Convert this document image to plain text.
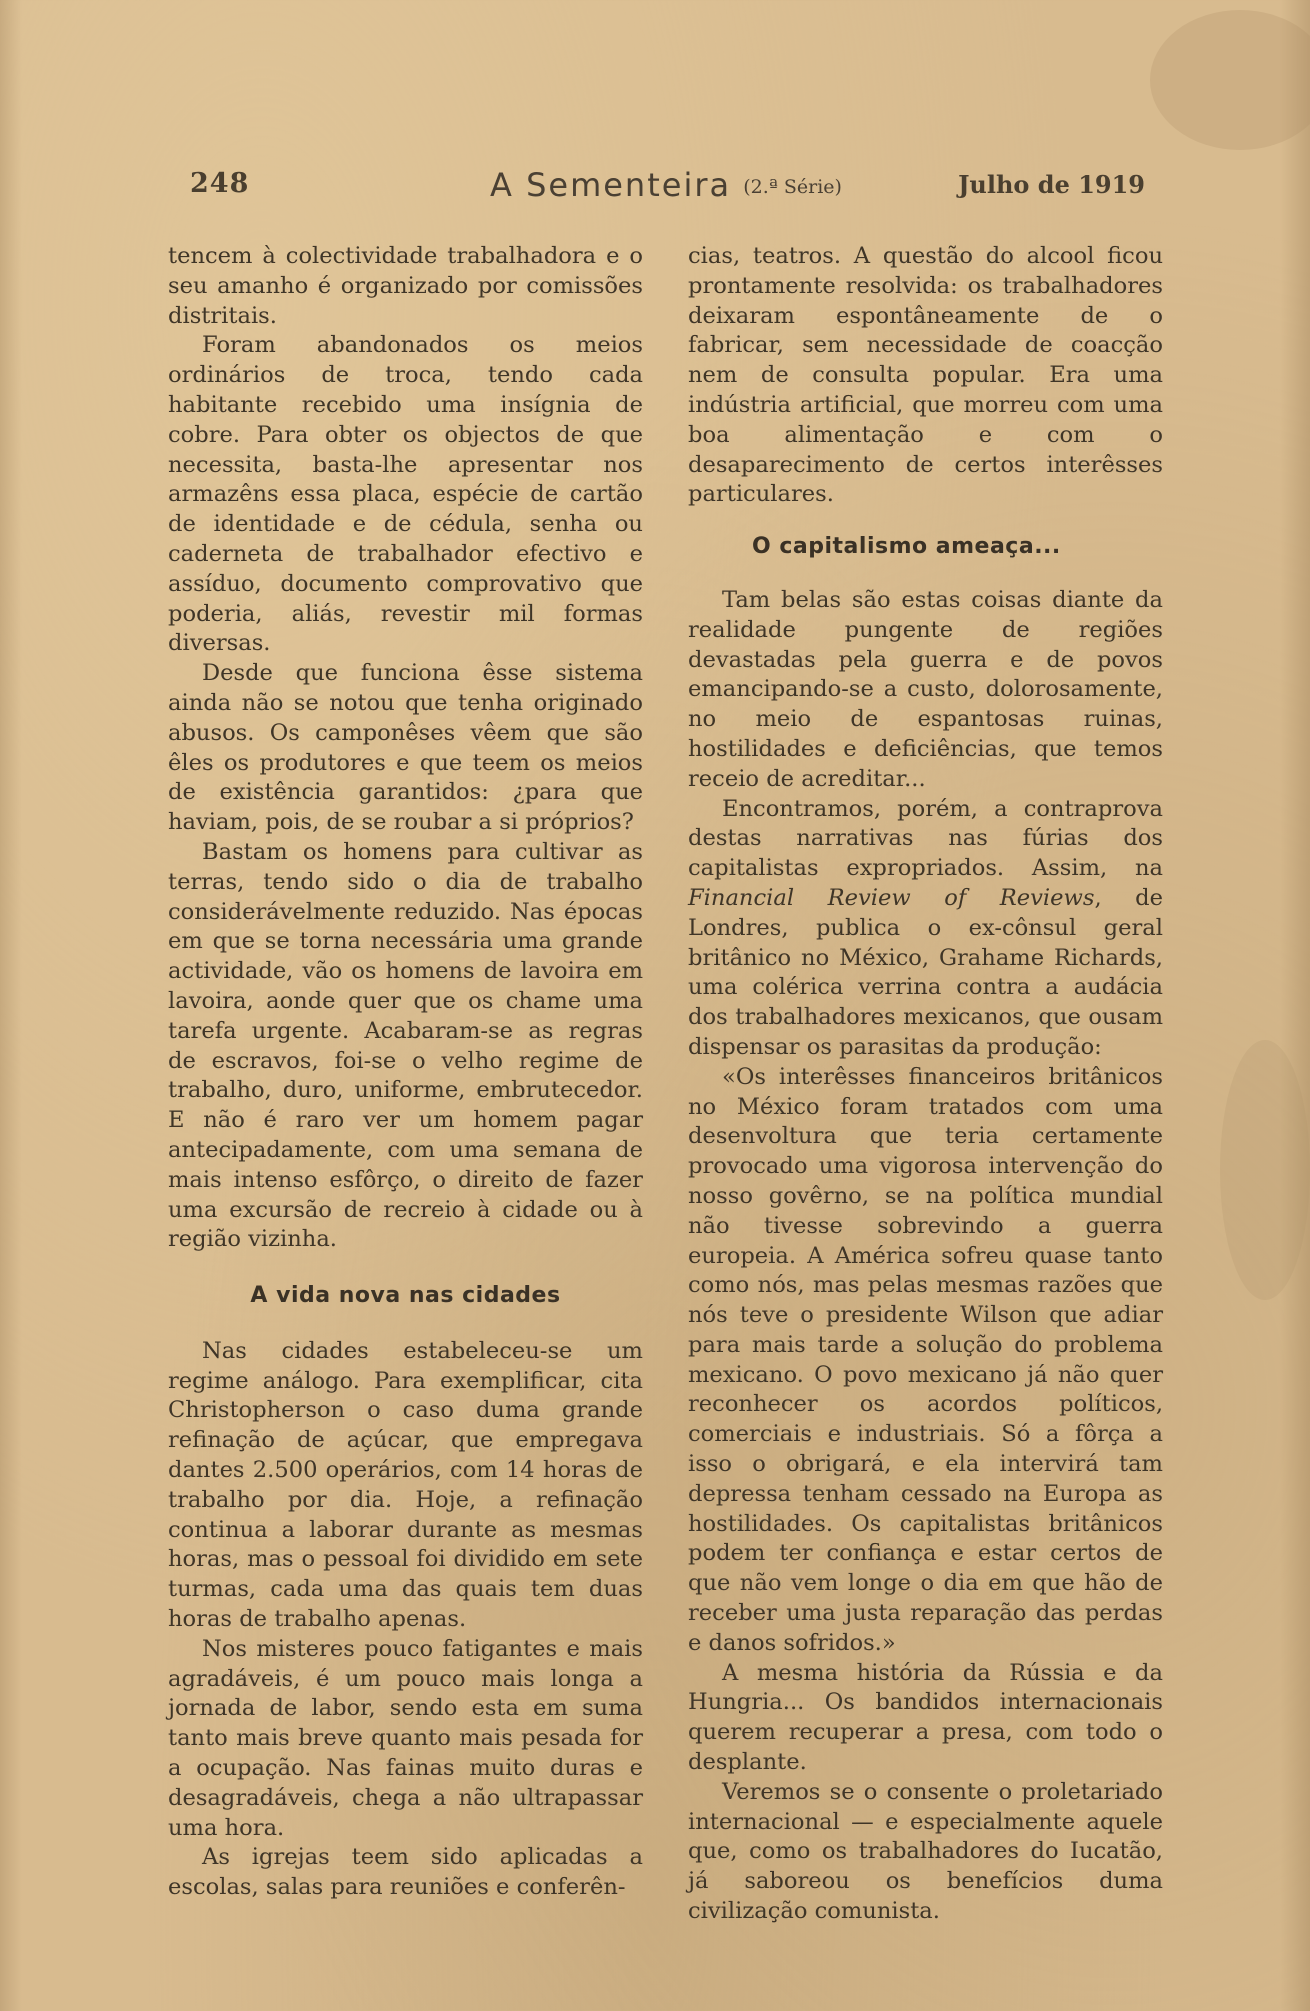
248	A Sementeira (2.ª Série)	Julho de 1919

tencem à colectividade trabalhadora e o seu amanho é organizado por comissões distritais.

Foram abandonados os meios ordinários de troca, tendo cada habitante recebido uma insígnia de cobre. Para obter os objectos de que necessita, basta-lhe apresentar nos armazêns essa placa, espécie de cartão de identidade e de cédula, senha ou caderneta de trabalhador efectivo e assíduo, documento comprovativo que poderia, aliás, revestir mil formas diversas.

Desde que funciona êsse sistema ainda não se notou que tenha originado abusos. Os camponêses vêem que são êles os produtores e que teem os meios de existência garantidos: ¿para que haviam, pois, de se roubar a si próprios?

Bastam os homens para cultivar as terras, tendo sido o dia de trabalho considerávelmente reduzido. Nas épocas em que se torna necessária uma grande actividade, vão os homens de lavoira em lavoira, aonde quer que os chame uma tarefa urgente. Acabaram-se as regras de escravos, foi-se o velho regime de trabalho, duro, uniforme, embrutecedor. E não é raro ver um homem pagar antecipadamente, com uma semana de mais intenso esfôrço, o direito de fazer uma excursão de recreio à cidade ou à região vizinha.

A vida nova nas cidades

Nas cidades estabeleceu-se um regime análogo. Para exemplificar, cita Christopherson o caso duma grande refinação de açúcar, que empregava dantes 2.500 operários, com 14 horas de trabalho por dia. Hoje, a refinação continua a laborar durante as mesmas horas, mas o pessoal foi dividido em sete turmas, cada uma das quais tem duas horas de trabalho apenas.

Nos misteres pouco fatigantes e mais agradáveis, é um pouco mais longa a jornada de labor, sendo esta em suma tanto mais breve quanto mais pesada for a ocupação. Nas fainas muito duras e desagradáveis, chega a não ultrapassar uma hora.

As igrejas teem sido aplicadas a escolas, salas para reuniões e conferên-

cias, teatros. A questão do alcool ficou prontamente resolvida: os trabalhadores deixaram espontâneamente de o fabricar, sem necessidade de coacção nem de consulta popular. Era uma indústria artificial, que morreu com uma boa alimentação e com o desaparecimento de certos interêsses particulares.

O capitalismo ameaça...

Tam belas são estas coisas diante da realidade pungente de regiões devastadas pela guerra e de povos emancipando-se a custo, dolorosamente, no meio de espantosas ruinas, hostilidades e deficiências, que temos receio de acreditar...

Encontramos, porém, a contraprova destas narrativas nas fúrias dos capitalistas expropriados. Assim, na Financial Review of Reviews, de Londres, publica o ex-cônsul geral britânico no México, Grahame Richards, uma colérica verrina contra a audácia dos trabalhadores mexicanos, que ousam dispensar os parasitas da produção:

«Os interêsses financeiros britânicos no México foram tratados com uma desenvoltura que teria certamente provocado uma vigorosa intervenção do nosso govêrno, se na política mundial não tivesse sobrevindo a guerra europeia. A América sofreu quase tanto como nós, mas pelas mesmas razões que nós teve o presidente Wilson que adiar para mais tarde a solução do problema mexicano. O povo mexicano já não quer reconhecer os acordos políticos, comerciais e industriais. Só a fôrça a isso o obrigará, e ela intervirá tam depressa tenham cessado na Europa as hostilidades. Os capitalistas britânicos podem ter confiança e estar certos de que não vem longe o dia em que hão de receber uma justa reparação das perdas e danos sofridos.»

A mesma história da Rússia e da Hungria... Os bandidos internacionais querem recuperar a presa, com todo o desplante.

Veremos se o consente o proletariado internacional — e especialmente aquele que, como os trabalhadores do Iucatão, já saboreou os benefícios duma civilização comunista.
